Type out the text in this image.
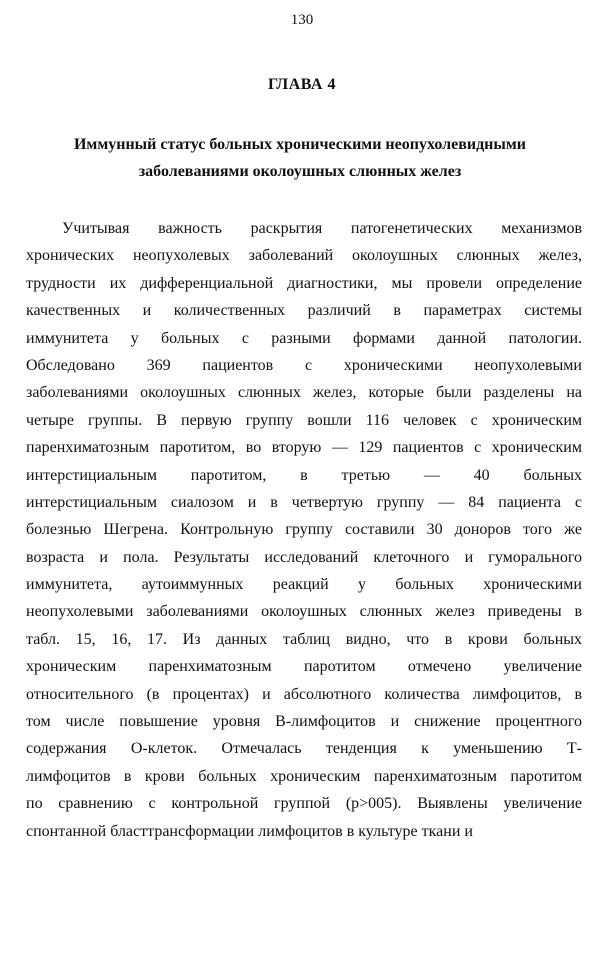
130
ГЛАВА 4
Иммунный статус больных хроническими неопухолевидными
заболеваниями околоушных слюнных желез
Учитывая важность раскрытия патогенетических механизмов
хронических неопухолевых заболеваний околоушных слюнных желез,
трудности их дифференциальной диагностики, мы провели определение
качественных и количественных различий в параметрах системы
иммунитета у больных с разными формами данной патологии.
Обследовано 369 пациентов с хроническими неопухолевыми
заболеваниями околоушных слюнных желез, которые были разделены на
четыре группы. В первую группу вошли 116 человек с хроническим
паренхиматозным паротитом, во вторую — 129 пациентов с хроническим
интерстициальным паротитом, в третью — 40 больных
интерстициальным сиалозом и в четвертую группу — 84 пациента с
болезнью Шегрена. Контрольную группу составили 30 доноров того же
возраста и пола. Результаты исследований клеточного и гуморального
иммунитета, аутоиммунных реакций у больных хроническими
неопухолевыми заболеваниями околоушных слюнных желез приведены в
табл. 15, 16, 17. Из данных таблиц видно, что в крови больных
хроническим паренхиматозным паротитом отмечено увеличение
относительного (в процентах) и абсолютного количества лимфоцитов, в
том числе повышение уровня В-лимфоцитов и снижение процентного
содержания О-клеток. Отмечалась тенденция к уменьшению Т-
лимфоцитов в крови больных хроническим паренхиматозным паротитом
по сравнению с контрольной группой (p>005). Выявлены увеличение
спонтанной бласттрансформации лимфоцитов в культуре ткани и
